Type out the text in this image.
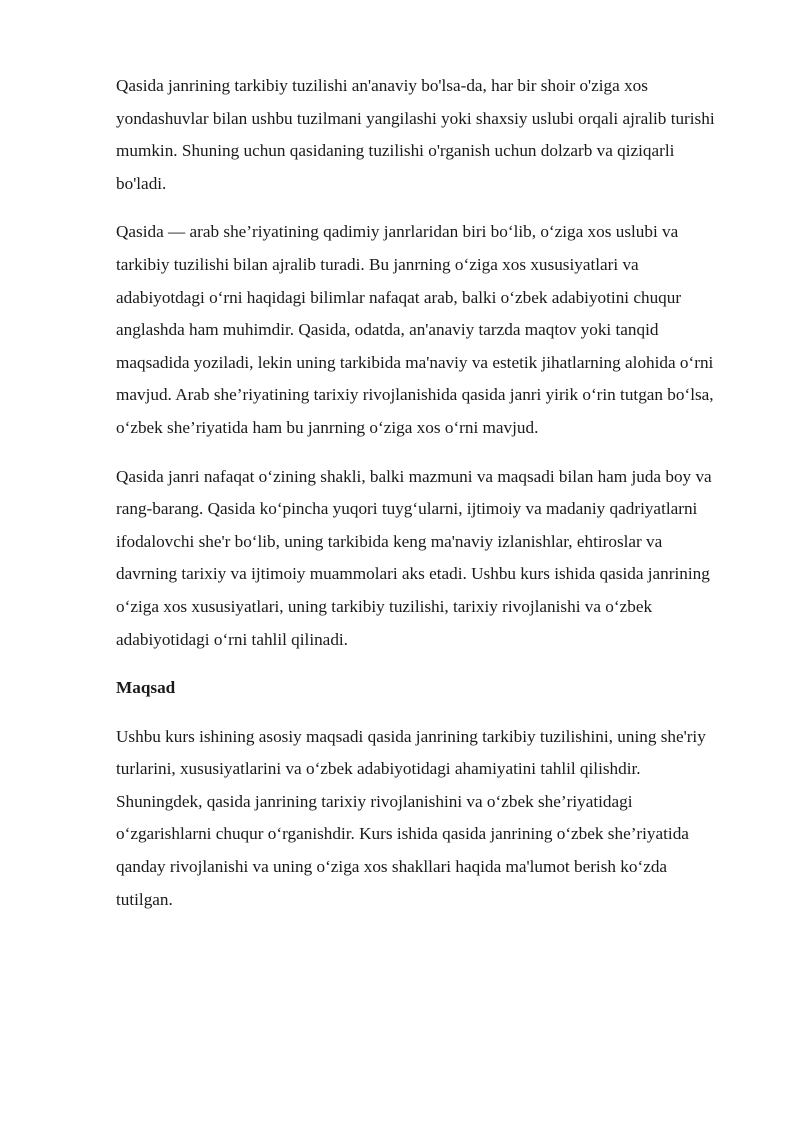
Qasida janrining tarkibiy tuzilishi an'anaviy bo'lsa-da, har bir shoir o'ziga xos yondashuvlar bilan ushbu tuzilmani yangilashi yoki shaxsiy uslubi orqali ajralib turishi mumkin. Shuning uchun qasidaning tuzilishi o'rganish uchun dolzarb va qiziqarli bo'ladi.

Qasida — arab she’riyatining qadimiy janrlaridan biri bo‘lib, o‘ziga xos uslubi va tarkibiy tuzilishi bilan ajralib turadi. Bu janrning o‘ziga xos xususiyatlari va adabiyotdagi o‘rni haqidagi bilimlar nafaqat arab, balki o‘zbek adabiyotini chuqur anglashda ham muhimdir. Qasida, odatda, an'anaviy tarzda maqtov yoki tanqid maqsadida yoziladi, lekin uning tarkibida ma'naviy va estetik jihatlarning alohida o‘rni mavjud. Arab she’riyatining tarixiy rivojlanishida qasida janri yirik o‘rin tutgan bo‘lsa, o‘zbek she’riyatida ham bu janrning o‘ziga xos o‘rni mavjud.

Qasida janri nafaqat o‘zining shakli, balki mazmuni va maqsadi bilan ham juda boy va rang-barang. Qasida ko‘pincha yuqori tuyg‘ularni, ijtimoiy va madaniy qadriyatlarni ifodalovchi she'r bo‘lib, uning tarkibida keng ma'naviy izlanishlar, ehtiroslar va davrning tarixiy va ijtimoiy muammolari aks etadi. Ushbu kurs ishida qasida janrining o‘ziga xos xususiyatlari, uning tarkibiy tuzilishi, tarixiy rivojlanishi va o‘zbek adabiyotidagi o‘rni tahlil qilinadi.

Maqsad

Ushbu kurs ishining asosiy maqsadi qasida janrining tarkibiy tuzilishini, uning she'riy turlarini, xususiyatlarini va o‘zbek adabiyotidagi ahamiyatini tahlil qilishdir. Shuningdek, qasida janrining tarixiy rivojlanishini va o‘zbek she’riyatidagi o‘zgarishlarni chuqur o‘rganishdir. Kurs ishida qasida janrining o‘zbek she’riyatida qanday rivojlanishi va uning o‘ziga xos shakllari haqida ma'lumot berish ko‘zda tutilgan.
